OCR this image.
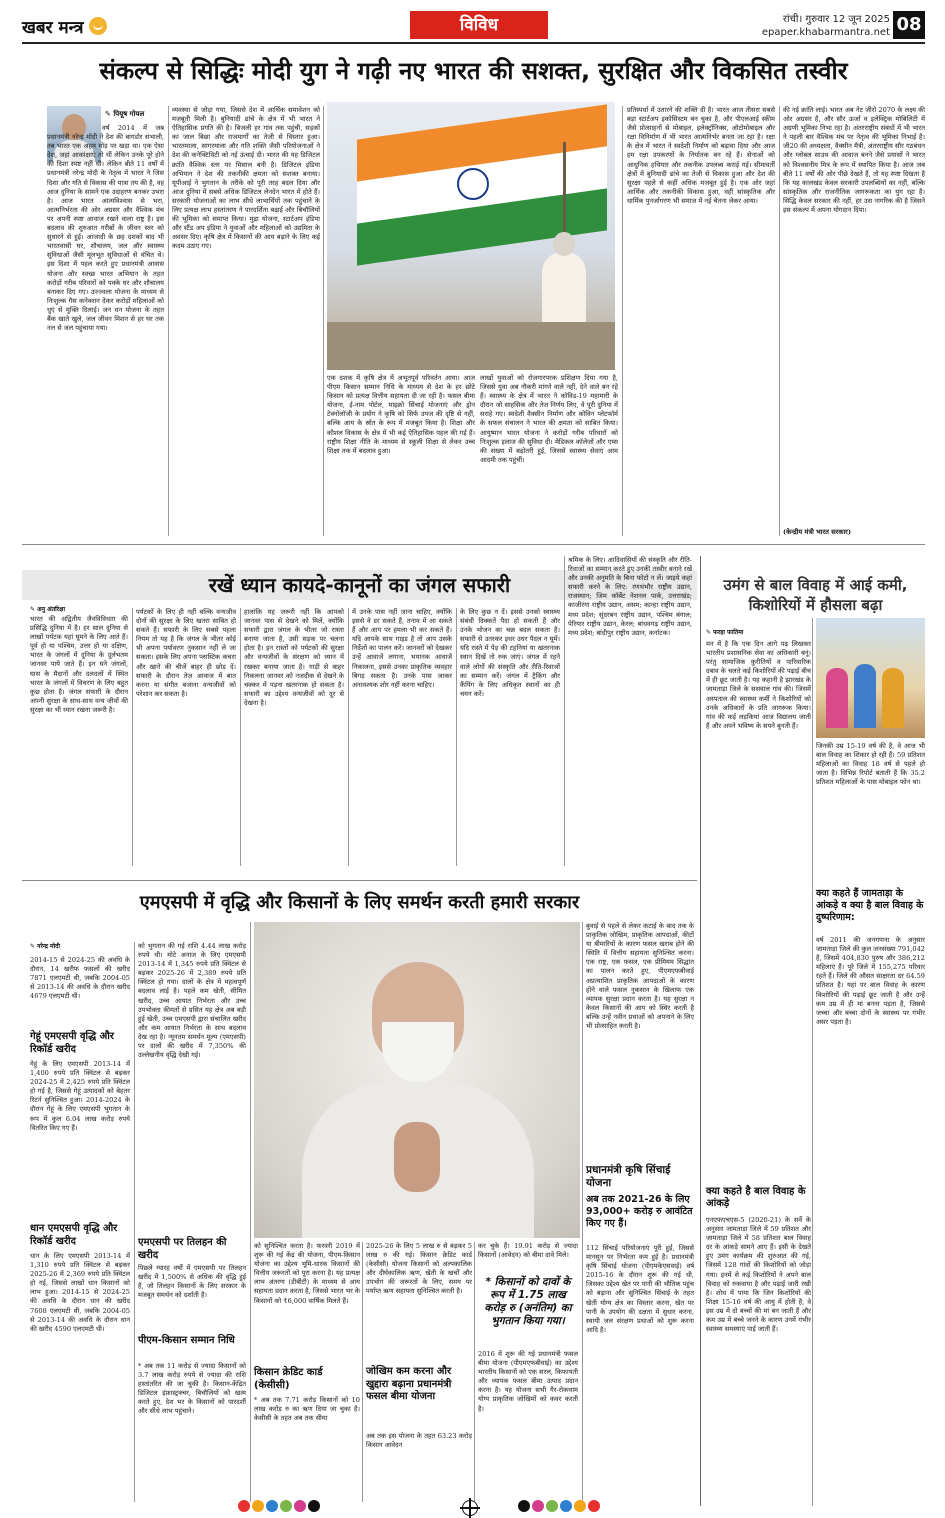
खबर मन्त्र	विविध	रांची। गुरुवार 12 जून 2025
epaper.khabarmantra.net 08
संकल्प से सिद्धिः मोदी युग ने गढ़ी नए भारत की सशक्त, सुरक्षित और विकसित तस्वीर
✎ पियूष गोयल
वर्ष 2014 में जब प्रधानमंत्री नरेन्द्र मोदी ने देश की बागडोर संभाली, तब भारत एक अहम मोड़ पर खड़ा था। एक ऐसा देश, जहां आकांक्षाएं तो थीं लेकिन उनके पूरे होने की दिशा स्पष्ट नहीं थी। लेकिन बीते 11 वर्षों में प्रधानमंत्री नरेन्द्र मोदी के नेतृत्व में भारत ने जिस दिशा और गति से विकास की यात्रा तय की है, वह आज दुनिया के सामने एक उदाहरण बनकर उभरा है। आज भारत आत्मविश्वास से भरा, आत्मनिर्भरता की ओर अग्रसर और वैश्विक मंच पर अपनी स्पष्ट आवाज रखने वाला राष्ट्र है। इस बदलाव की शुरुआत गरीबों के जीवन स्तर को सुधारने से हुई। आजादी के छह दशकों बाद भी भारतवासी घर, शौचालय, जल और स्वास्थ्य सुविधाओं जैसी मूलभूत सुविधाओं से वंचित थे। इस दिशा में पहल करते हुए प्रधानमंत्री आवास योजना और स्वच्छ भारत अभियान के तहत करोड़ों गरीब परिवारों को पक्के घर और शौचालय बनाकर दिए गए। उज्ज्वला योजना के माध्यम से निःशुल्क गैस कनेक्शन देकर करोड़ों महिलाओं को धुएं से मुक्ति दिलाई। जन धन योजना के तहत बैंक खाते खुले, जल जीवन मिशन से हर घर तक नल से जल पहुंचाया गया।
व्यवस्था से जोड़ा गया, जिससे देश में आर्थिक समावेशन को मजबूती मिली है। बुनियादी ढांचे के क्षेत्र में भी भारत ने ऐतिहासिक प्रगति की है। बिजली हर गांव तक पहुंची, सड़कों का जाल बिछा और राजमार्गों का तेजी से विस्तार हुआ। भारतमाला, सागरमाला और गति शक्ति जैसी परियोजनाओं ने देश की कनेक्टिविटी को नई ऊंचाई दी। भारत की यह डिजिटल क्रांति वैश्विक स्तर पर मिसाल बनी है। डिजिटल इंडिया अभियान ने देश की तकनीकी क्षमता को सशक्त बनाया। यूपीआई ने भुगतान के तरीके को पूरी तरह बदल दिया और आज दुनिया में सबसे अधिक डिजिटल लेनदेन भारत में होते हैं। सरकारी योजनाओं का लाभ सीधे लाभार्थियों तक पहुंचाने के लिए प्रत्यक्ष लाभ हस्तांतरण ने पारदर्शिता बढ़ाई और बिचौलियों की भूमिका को समाप्त किया। मुद्रा योजना, स्टार्टअप इंडिया और स्टैंड अप इंडिया ने युवाओं और महिलाओं को उद्यमिता के अवसर दिए। कृषि क्षेत्र में किसानों की आय बढ़ाने के लिए कई कदम उठाए गए।
एक दशक में कृषि क्षेत्र में अभूतपूर्व परिवर्तन आया। आज पीएम किसान सम्मान निधि के माध्यम से देश के हर छोटे किसान को प्रत्यक्ष वित्तीय सहायता दी जा रही है। फसल बीमा योजना, ई-नाम पोर्टल, माइक्रो सिंचाई योजनाएं और ड्रोन टेक्नोलॉजी के प्रयोग ने कृषि को सिर्फ उपज की दृष्टि से नहीं, बल्कि आय के स्रोत के रूप में मजबूत किया है। शिक्षा और कौशल विकास के क्षेत्र में भी कई ऐतिहासिक पहल की गई हैं। राष्ट्रीय शिक्षा नीति के माध्यम से स्कूली शिक्षा से लेकर उच्च शिक्षा तक में बदलाव हुआ।
लाखों युवाओं को रोजगारपरक प्रशिक्षण दिया गया है, जिससे युवा अब नौकरी मांगने वाले नहीं, देने वाले बन रहे हैं। स्वास्थ्य के क्षेत्र में भारत ने कोविड-19 महामारी के दौरान जो साहसिक और तेज निर्णय लिए, वे पूरी दुनिया में सराहे गए। स्वदेशी वैक्सीन निर्माण और कोविन प्लेटफॉर्म के सफल संचालन ने भारत की क्षमता को साबित किया। आयुष्मान भारत योजना ने करोड़ों गरीब परिवारों को निःशुल्क इलाज की सुविधा दी। मेडिकल कॉलेजों और एम्स की संख्या में बढ़ोतरी हुई, जिससे स्वास्थ्य सेवाएं आम आदमी तक पहुंचीं।
प्रतिस्पर्धा में उतारने की शक्ति दी है। भारत आज तीसरा सबसे बड़ा स्टार्टअप इकोसिस्टम बन चुका है, और पीएलआई स्कीम जैसे प्रोत्साहनों से मोबाइल, इलेक्ट्रॉनिक्स, ऑटोमोबाइल और रक्षा विनिर्माण में भी भारत आत्मनिर्भर बनता जा रहा है। रक्षा के क्षेत्र में भारत ने स्वदेशी निर्माण को बढ़ावा दिया और आज हम रक्षा उपकरणों के निर्यातक बन रहे हैं। सेनाओं को आधुनिक हथियार और तकनीक उपलब्ध कराई गई। सीमावर्ती क्षेत्रों में बुनियादी ढांचे का तेजी से विकास हुआ और देश की सुरक्षा पहले से कहीं अधिक मजबूत हुई है। एक ओर जहां आर्थिक और तकनीकी विकास हुआ, वहीं सांस्कृतिक और धार्मिक पुनर्जागरण भी समाज में नई चेतना लेकर आया।
की नई क्रांति लाई। भारत अब नेट जीरो 2070 के लक्ष्य की ओर अग्रसर है, और सौर ऊर्जा व इलेक्ट्रिक मोबिलिटी में अग्रणी भूमिका निभा रहा है। अंतरराष्ट्रीय संबंधों में भी भारत ने पहली बार वैश्विक मंच पर नेतृत्व की भूमिका निभाई है। जी20 की अध्यक्षता, वैक्सीन मैत्री, अंतरराष्ट्रीय सौर गठबंधन और ग्लोबल साउथ की आवाज बनने जैसे प्रयासों ने भारत को विश्वसनीय मित्र के रूप में स्थापित किया है। आज जब बीते 11 वर्षों की ओर पीछे देखते हैं, तो यह स्पष्ट दिखता है कि यह कालखंड केवल सरकारी उपलब्धियों का नहीं, बल्कि सांस्कृतिक और राजनीतिक जागरूकता का युग रहा है। सिद्धि केवल सरकार की नहीं, हर उस नागरिक की है जिसने इस संकल्प में अपना योगदान दिया।
(केन्द्रीय मंत्री भारत सरकार)
रखें ध्यान कायदे-कानूनों का जंगल सफारी
✎ अनु अंतरिक्षा
भारत की अद्वितीय जैवविविधता की प्रसिद्धि दुनिया में है। हर साल दुनिया से लाखों पर्यटक यहां घूमने के लिए आते हैं। पूर्व हो या पश्चिम, उत्तर हो या दक्षिण, भारत के जंगलों में दुनिया के दुर्लभतम जानवर पाये जाते हैं। इन घने जंगलों, घास के मैदानों और दलदलों में स्थित भारत के जंगलों में विचरण के लिए बहुत कुछ होता है। जंगल सफारी के दौरान अपनी सुरक्षा के साथ-साथ वन्य जीवों की सुरक्षा का भी ध्यान रखना जरूरी है।
पर्यटकों के लिए ही नहीं बल्कि वन्यजीव दोनों की सुरक्षा के लिए खतरा साबित हो सकते हैं। सफारी के लिए सबसे पहला नियम तो यह है कि जंगल के भीतर कोई भी अपना पर्यावरण नुकसान नहीं ले जा सकता। इसके लिए अपना प्लास्टिक कचरा और खाने की चीजें बाहर ही छोड़ दें। सफारी के दौरान तेज आवाज में बात करना या संगीत बजाना वन्यजीवों को परेशान कर सकता है।
हालांकि यह जरूरी नहीं कि आपको जानवर पास से देखने को मिलें, क्योंकि सफारी द्वारा जंगल के भीतर जो रास्ता बनाया जाता है, उसी सड़क पर चलना होता है। इन रास्तों को पर्यटकों की सुरक्षा और वन्यजीवों के संरक्षण को ध्यान में रखकर बनाया जाता है। गाड़ी से बाहर निकलना जानवर को नजदीक से देखने के चक्कर में पड़ना खतरनाक हो सकता है। सफारी का उद्देश्य वन्यजीवों को दूर से देखना है।
में उनके पास नहीं जाना चाहिए, क्योंकि इससे वे डर सकते हैं, तनाव में आ सकते हैं और आप पर हमला भी कर सकते हैं। यदि आपके साथ गाइड है तो आप उसके निर्देशों का पालन करें। जानवरों को देखकर उन्हें आवाजें लगाना, भयानक आवाजें निकालना, इससे उनका प्राकृतिक व्यवहार बिगड़ सकता है। उनके पास जाकर अनावश्यक शोर नहीं करना चाहिए।
के लिए कुछ न दें। इससे उनको स्वास्थ्य संबंधी दिक्कतें पैदा हो सकती हैं और उनके भोजन का चक्र बदल सकता है। सफारी से उतरकर इधर उधर पैदल न घूमें। यदि रास्ते में पेड़ की टहनियां या खतरनाक स्थान दिखें तो रुक जाएं। जंगल में रहने वाले लोगों की संस्कृति और रीति-रिवाजों का सम्मान करें। जंगल में ट्रैकिंग और कैंपिंग के लिए अधिकृत स्थानों का ही चयन करें।
श्रमिक के लिए। आदिवासियों की संस्कृति और रीति-रिवाजों का सम्मान करते हुए उनकी तस्वीर बनाने रखें और उनकी अनुमति के बिना फोटो न लें। जाइये कहां सफारी करने के लिए: रणथंभौर राष्ट्रीय उद्यान, राजस्थान; जिम कॉर्बेट नेशनल पार्क, उत्तराखंड; काजीरंगा राष्ट्रीय उद्यान, असम; कान्हा राष्ट्रीय उद्यान, मध्य प्रदेश; सुंदरबन राष्ट्रीय उद्यान, पश्चिम बंगाल; पेरियार राष्ट्रीय उद्यान, केरल; बांधवगढ़ राष्ट्रीय उद्यान, मध्य प्रदेश; बांदीपुर राष्ट्रीय उद्यान, कर्नाटक।
उमंग से बाल विवाह में आई कमी, किशोरियों में हौसला बढ़ा
✎ फरहा फातिमा
मन में है कि एक दिन आगे पढ़ लिखकर भारतीय प्रशासनिक सेवा का अधिकारी बनूं। परंतु सामाजिक कुरीतियों व पारिवारिक दबाव के चलते कई किशोरियों की पढ़ाई बीच में ही छूट जाती है। यह कहानी है झारखंड के जामताड़ा जिले के ससवाल गांव की। जिसमें अस्पताल की स्वास्थ्य कर्मी ने किशोरियों को उनके अधिकारों के प्रति जागरूक किया। गांव की कई लड़कियां आज विद्यालय जाती हैं और अपने भविष्य के सपने बुनती हैं।
जिनकी उम्र 15-19 वर्ष की है, वे आज भी बाल विवाह का शिकार हो रही हैं। 59 प्रतिशत महिलाओं का विवाह 18 वर्ष से पहले हो जाता है। विभिन्न रिपोर्ट बताती हैं कि 35.2 प्रतिशत महिलाओं के पास मोबाइल फोन था।
क्या कहते हैं जामताड़ा के आंकड़े व क्या है बाल विवाह के दुष्परिणाम:
वर्ष 2011 की जनगणना के अनुसार जामताड़ा जिले की कुल जनसंख्या 791,042 है, जिसमें 404,830 पुरुष और 386,212 महिलाएं हैं। पूरे जिले में 155,275 परिवार रहते हैं। जिले की औसत साक्षरता दर 64.59 प्रतिशत है। यहां पर बाल विवाह के कारण किशोरियों की पढ़ाई छूट जाती है और उन्हें कम उम्र में ही मां बनना पड़ता है, जिससे जच्चा और बच्चा दोनों के स्वास्थ्य पर गंभीर असर पड़ता है।
क्या कहते है बाल विवाह के आंकड़े
एनएफएचएस-5 (2020-21) के सर्वे के अनुसार जामताड़ा जिले में 59 प्रतिशत और जामताड़ा जिले में 58 प्रतिशत बाल विवाह दर के आंकड़े सामने आए हैं। इसी के देखते हुए उमंग कार्यक्रम की शुरुआत की गई, जिसमें 128 गांवों की किशोरियों को जोड़ा गया। इनमें से कई किशोरियों ने अपने बाल विवाह को रुकवाया है और पढ़ाई जारी रखी है। शोध में पाया कि जिन किशोरियों की शिक्षा 15-16 वर्ष की आयु में होती है, वे इस उम्र में दो बच्चों की मां बन जाती हैं और कम उम्र में बच्चे जनने के कारण उनमें गंभीर स्वास्थ्य समस्याएं पाई जाती हैं।
एमएसपी में वृद्धि और किसानों के लिए समर्थन करती हमारी सरकार
✎ नरेन्द्र मोदी
2014-15 से 2024-25 की अवधि के दौरान, 14 खरीफ फसलों की खरीद 7871 एलएमटी थी, जबकि 2004-05 से 2013-14 की अवधि के दौरान खरीद 4679 एलएमटी थी।
गेहूं एमएसपी वृद्धि और रिकॉर्ड खरीद
गेहूं के लिए एमएसपी 2013-14 में 1,400 रुपये प्रति क्विंटल से बढ़कर 2024-25 में 2,425 रुपये प्रति क्विंटल हो गई है, जिससे गेहूं उत्पादकों को बेहतर रिटर्न सुनिश्चित हुआ। 2014-2024 के दौरान गेहूं के लिए एमएसपी भुगतान के रूप में कुल 6.04 लाख करोड़ रुपये वितरित किए गए हैं।
धान एमएसपी वृद्धि और रिकॉर्ड खरीद
धान के लिए एमएसपी 2013-14 में 1,310 रुपये प्रति क्विंटल से बढ़कर 2025-26 में 2,369 रुपये प्रति क्विंटल हो गई, जिससे लाखों धान किसानों को लाभ हुआ। 2014-15 से 2024-25 की अवधि के दौरान धान की खरीद 7608 एलएमटी थी, जबकि 2004-05 से 2013-14 की अवधि के दौरान धान की खरीद 4590 एलएमटी थी।
को भुगतान की गई राशि 4.44 लाख करोड़ रुपये थी। मोटे अनाज के लिए एमएसपी 2013-14 में 1,345 रुपये प्रति क्विंटल से बढ़कर 2025-26 में 2,389 रुपये प्रति क्विंटल हो गया। दालों के क्षेत्र में महत्वपूर्ण बदलाव लाई है। पहले कम खेती, सीमित खरीद, उच्च आयात निर्भरता और उच्च उपभोक्ता कीमतों से ग्रसित यह क्षेत्र अब बड़ी हुई खेती, उच्च एमएसपी द्वारा संचालित खरीद और कम आयात निर्भरता के साथ बदलाव देख रहा है। न्यूनतम समर्थन मूल्य (एमएसपी) पर दालों की खरीद में 7,350% की उल्लेखनीय वृद्धि देखी गई।
एमएसपी पर तिलहन की खरीद
पिछले ग्यारह वर्षों में एमएसपी पर तिलहन खरीद में 1,500% से अधिक की वृद्धि हुई है, जो तिलहन किसानों के लिए सरकार के मजबूत समर्थन को दर्शाती है।
पीएम-किसान सम्मान निधि
* अब तक 11 करोड़ से ज्यादा किसानों को 3.7 लाख करोड़ रुपये से ज्यादा की राशि हस्तांतरित की जा चुकी है। किसान-केंद्रित डिजिटल इंफ्रास्ट्रक्चर, बिचौलियों को खत्म करते हुए, देश भर के किसानों को पारदर्शी और सीधे लाभ पहुंचाने।
को सुनिश्चित करता है। फरवरी 2019 में शुरू की गई केंद्र की योजना, पीएम-किसान योजना का उद्देश्य भूमि-धारक किसानों की वित्तीय जरूरतों को पूरा करना है। यह प्रत्यक्ष लाभ अंतरण (डीबीटी) के माध्यम से आय सहायता प्रदान करता है, जिससे भारत भर के किसानों को ₹6,000 वार्षिक मिलते हैं।
किसान क्रेडिट कार्ड (केसीसी)
* अब तक 7.71 करोड़ किसानों को 10 लाख करोड़ रु का ऋण दिया जा चुका है। केसीसी के तहत अब तक सीमा
2025-26 के लिए 5 लाख रु से बढ़कर 5 लाख रु की गई। किसान क्रेडिट कार्ड (केसीसी) योजना किसानों को अल्पकालिक और दीर्घकालिक ऋण, खेती के खर्चों और उपभोग की जरूरतों के लिए, समय पर पर्याप्त ऋण सहायता सुनिश्चित करती है।
जोखिम कम करना और खुद्दारा बढ़ाना प्रधानमंत्री फसल बीमा योजना
अब तक इस योजना के तहत 63.23 करोड़ किसान आवेदन
कर चुके हैं। 19.91 करोड़ से ज्यादा किसानों (आवेदन) को बीमा दावे मिले।
* किसानों को दावों के रूप में 1.75 लाख करोड़ रु (अनंतिम) का भुगतान किया गया।
2016 में शुरू की गई प्रधानमंत्री फसल बीमा योजना (पीएमएफबीवाई) का उद्देश्य भारतीय किसानों को एक सरल, किफायती और व्यापक फसल बीमा उत्पाद प्रदान करना है। यह योजना सभी गैर-रोकथाम योग्य प्राकृतिक जोखिमों को कवर करती है।
बुवाई से पहले से लेकर कटाई के बाद तक के प्राकृतिक जोखिम, प्राकृतिक आपदाओं, कीटों या बीमारियों के कारण फसल खराब होने की स्थिति में वित्तीय सहायता सुनिश्चित करना। एक राष्ट्र, एक फसल, एक प्रीमियम सिद्धांत का पालन करते हुए, पीएमएफबीवाई अप्रत्याशित प्राकृतिक आपदाओं के कारण होने वाले फसल नुकसान के खिलाफ एक व्यापक सुरक्षा प्रदान करता है। यह सुरक्षा न केवल किसानों की आय को स्थिर करती है बल्कि उन्हें नवीन प्रथाओं को अपनाने के लिए भी प्रोत्साहित करती है।
प्रधानमंत्री कृषि सिंचाई योजना
अब तक 2021-26 के लिए 93,000+ करोड़ रु आवंटित किए गए हैं।
112 सिंचाई परियोजनाएं पूरी हुईं, जिससे मानसून पर निर्भरता कम हुई है। प्रधानमंत्री कृषि सिंचाई योजना (पीएमकेएसवाई) वर्ष 2015-16 के दौरान शुरू की गई थी, जिसका उद्देश्य खेत पर पानी की भौतिक पहुंच को बढ़ाना और सुनिश्चित सिंचाई के तहत खेती योग्य क्षेत्र का विस्तार करना, खेत पर पानी के उपयोग की दक्षता में सुधार करना, स्थायी जल संरक्षण प्रथाओं को शुरू करना आदि है।
